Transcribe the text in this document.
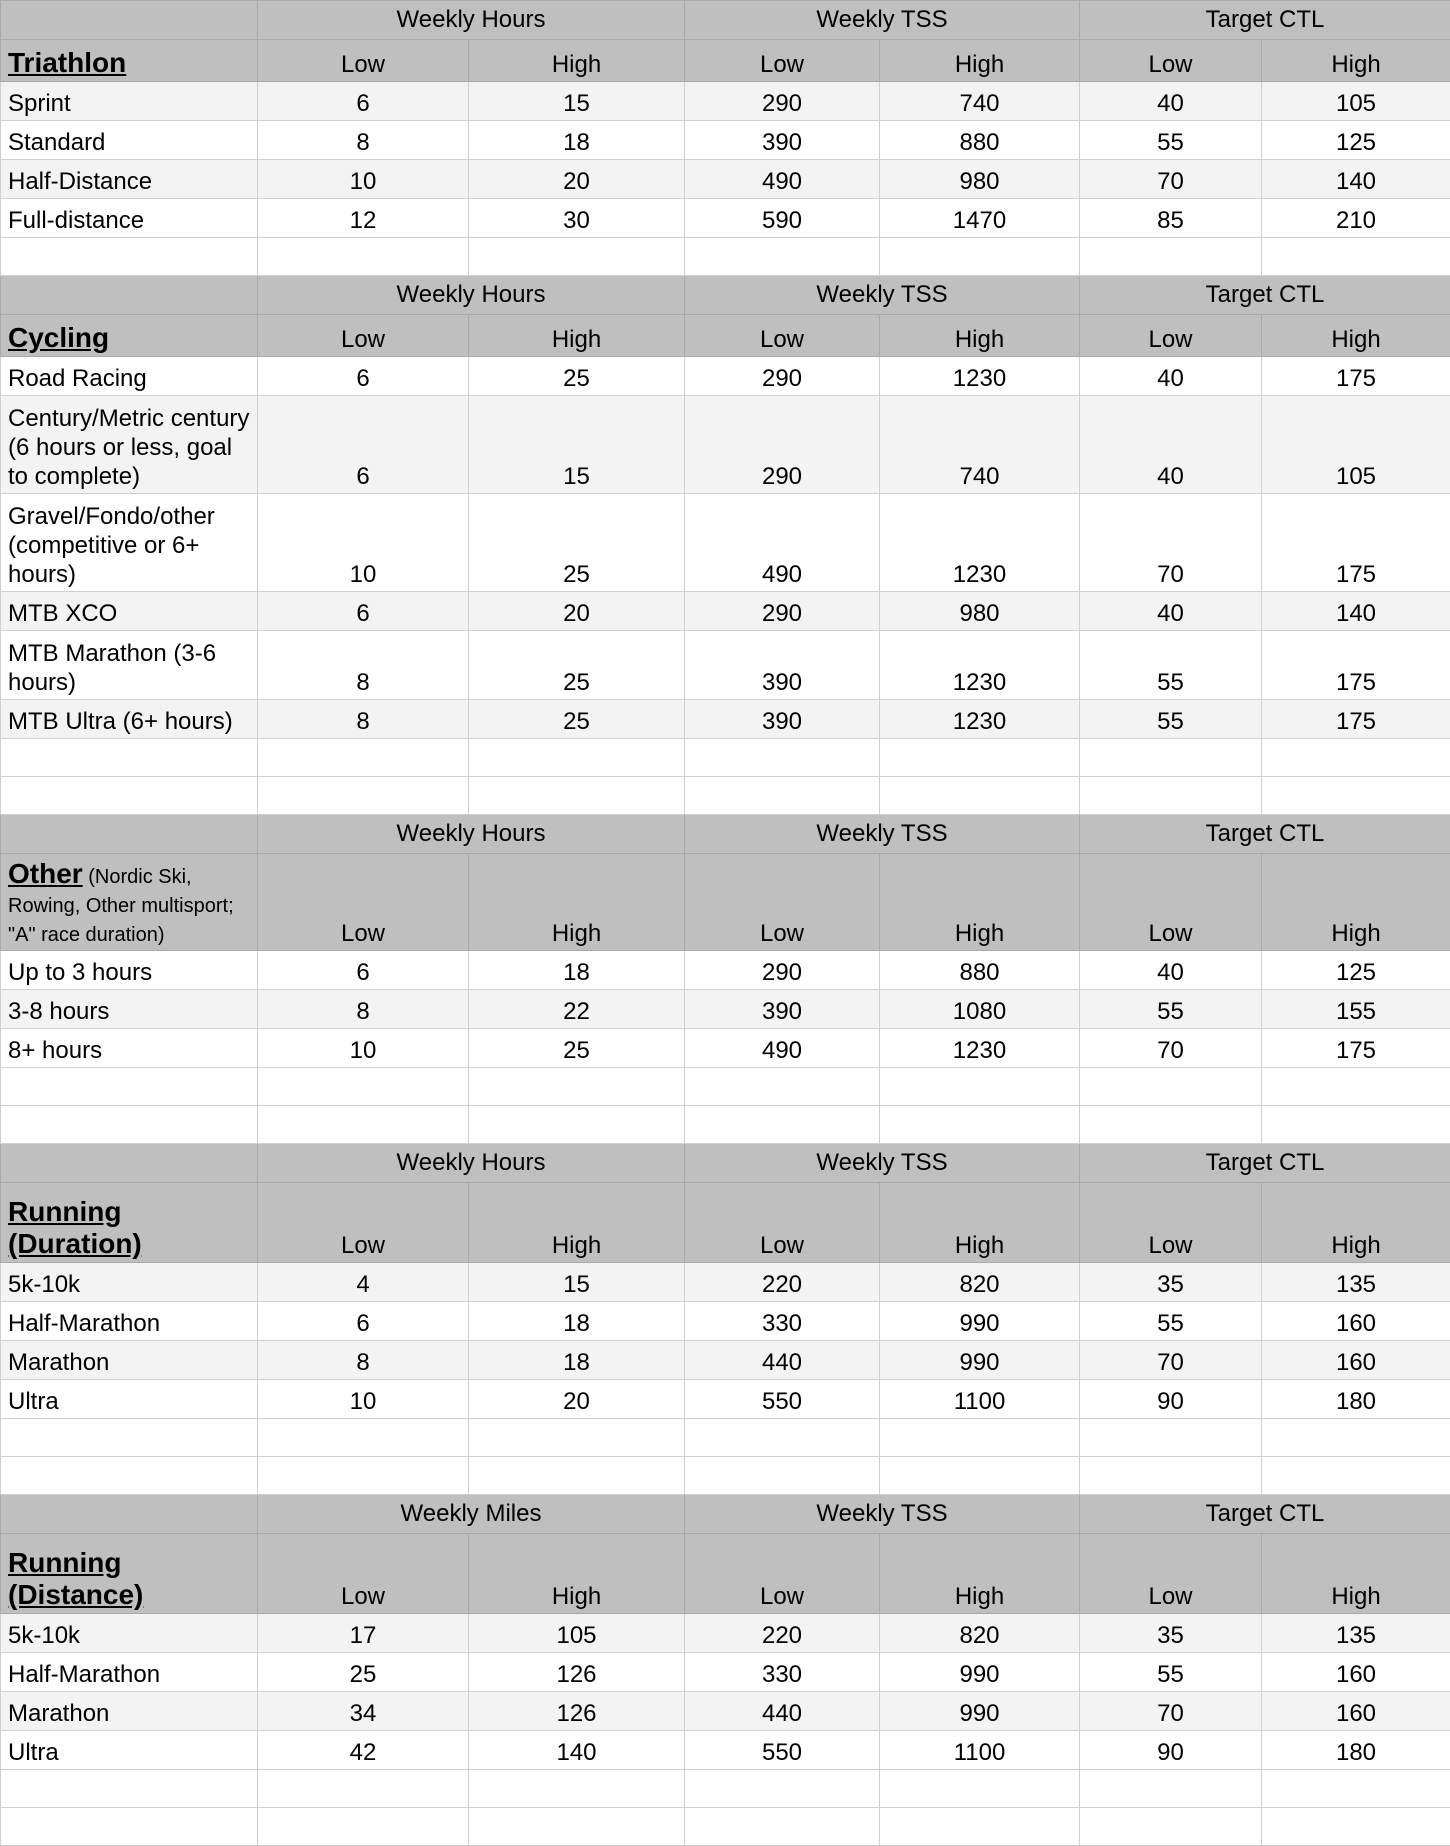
	Weekly Hours		Weekly TSS		Target CTL	
Triathlon	Low	High	Low	High	Low	High
Sprint	6	15	290	740	40	105
Standard	8	18	390	880	55	125
Half-Distance	10	20	490	980	70	140
Full-distance	12	30	590	1470	85	210

	Weekly Hours		Weekly TSS		Target CTL	
Cycling	Low	High	Low	High	Low	High
Road Racing	6	25	290	1230	40	175
Century/Metric century (6 hours or less, goal to complete)	6	15	290	740	40	105
Gravel/Fondo/other (competitive or 6+ hours)	10	25	490	1230	70	175
MTB XCO	6	20	290	980	40	140
MTB Marathon (3-6 hours)	8	25	390	1230	55	175
MTB Ultra (6+ hours)	8	25	390	1230	55	175

	Weekly Hours		Weekly TSS		Target CTL	
Other (Nordic Ski, Rowing, Other multisport; "A" race duration)	Low	High	Low	High	Low	High
Up to 3 hours	6	18	290	880	40	125
3-8 hours	8	22	390	1080	55	155
8+ hours	10	25	490	1230	70	175

	Weekly Hours		Weekly TSS		Target CTL	
Running (Duration)	Low	High	Low	High	Low	High
5k-10k	4	15	220	820	35	135
Half-Marathon	6	18	330	990	55	160
Marathon	8	18	440	990	70	160
Ultra	10	20	550	1100	90	180

	Weekly Miles		Weekly TSS		Target CTL	
Running (Distance)	Low	High	Low	High	Low	High
5k-10k	17	105	220	820	35	135
Half-Marathon	25	126	330	990	55	160
Marathon	34	126	440	990	70	160
Ultra	42	140	550	1100	90	180
